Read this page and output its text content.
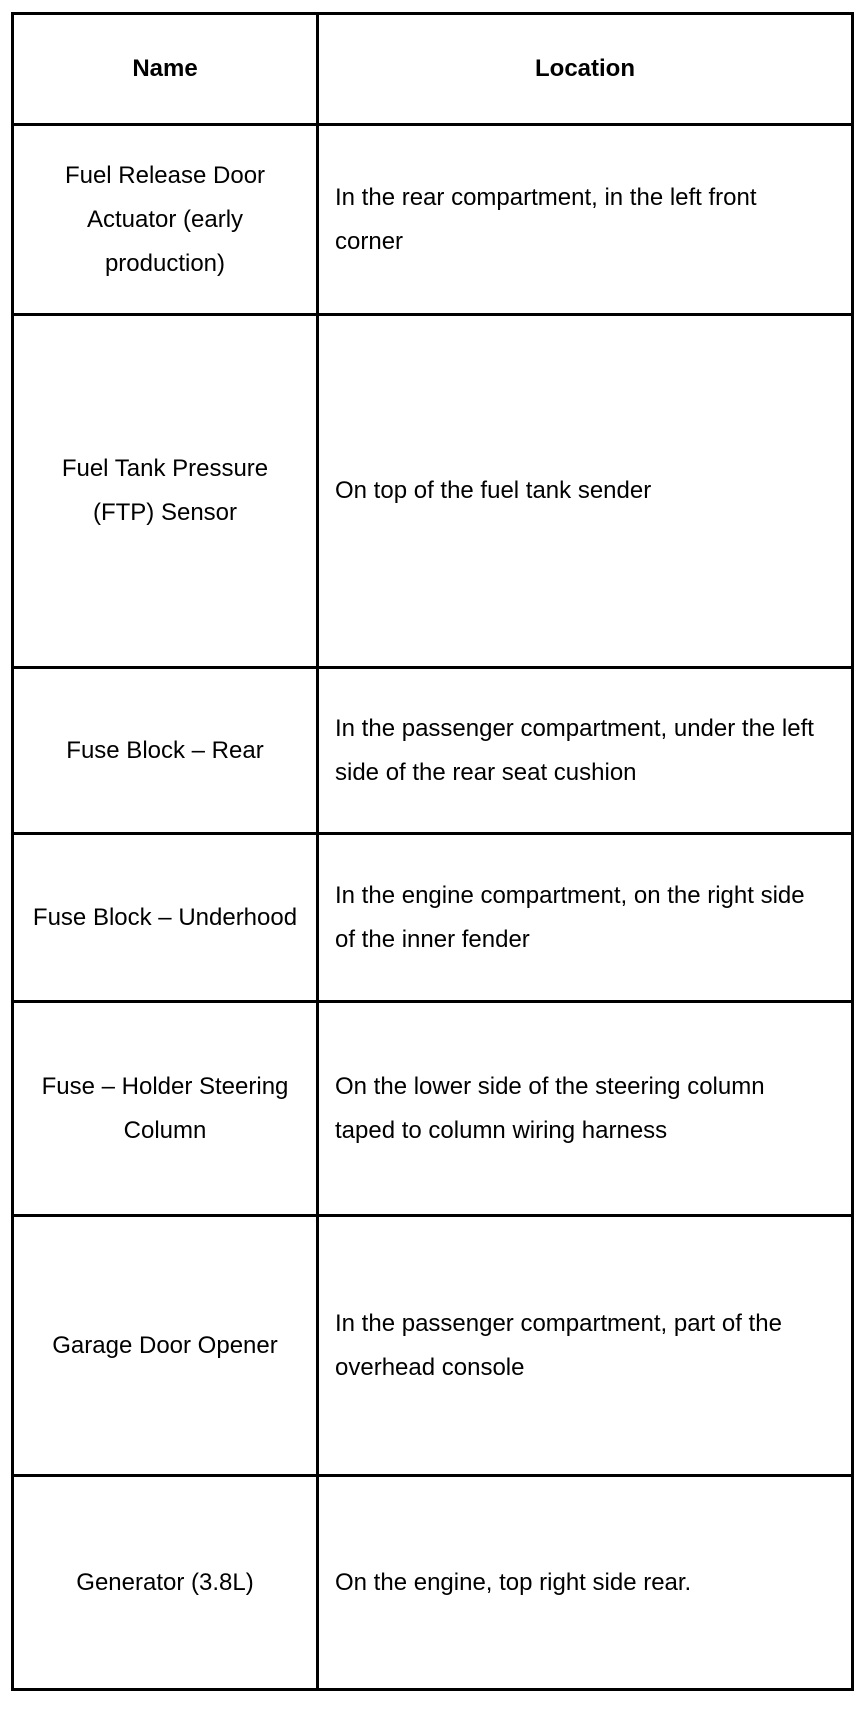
Name	Location

Fuel Release Door Actuator (early production)	In the rear compartment, in the left front corner

Fuel Tank Pressure (FTP) Sensor	On top of the fuel tank sender

Fuse Block – Rear	In the passenger compartment, under the left side of the rear seat cushion

Fuse Block – Underhood	In the engine compartment, on the right side of the inner fender

Fuse – Holder Steering Column	On the lower side of the steering column taped to column wiring harness

Garage Door Opener	In the passenger compartment, part of the overhead console

Generator (3.8L)	On the engine, top right side rear.
